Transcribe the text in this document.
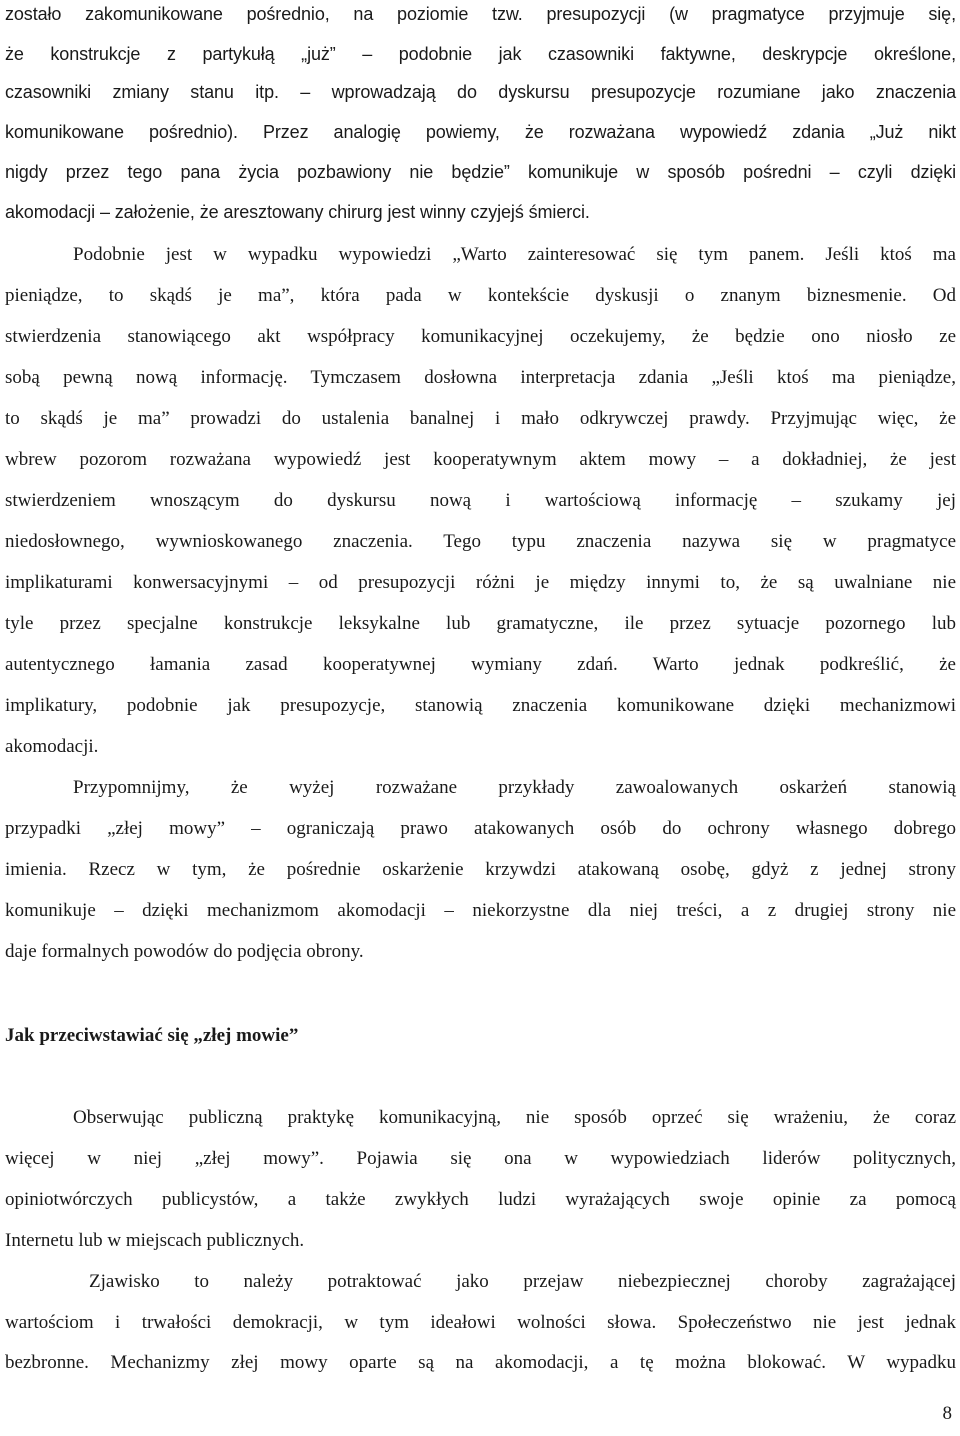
zostało zakomunikowane pośrednio, na poziomie tzw. presupozycji (w pragmatyce przyjmuje się,
że konstrukcje z partykułą „już” – podobnie jak czasowniki faktywne, deskrypcje określone,
czasowniki zmiany stanu itp. – wprowadzają do dyskursu presupozycje rozumiane jako znaczenia
komunikowane pośrednio). Przez analogię powiemy, że rozważana wypowiedź zdania „Już nikt
nigdy przez tego pana życia pozbawiony nie będzie” komunikuje w sposób pośredni – czyli dzięki
akomodacji – założenie, że aresztowany chirurg jest winny czyjejś śmierci.
Podobnie jest w wypadku wypowiedzi „Warto zainteresować się tym panem. Jeśli ktoś ma
pieniądze, to skądś je ma”, która pada w kontekście dyskusji o znanym biznesmenie. Od
stwierdzenia stanowiącego akt współpracy komunikacyjnej oczekujemy, że będzie ono niosło ze
sobą pewną nową informację. Tymczasem dosłowna interpretacja zdania „Jeśli ktoś ma pieniądze,
to skądś je ma” prowadzi do ustalenia banalnej i mało odkrywczej prawdy. Przyjmując więc, że
wbrew pozorom rozważana wypowiedź jest kooperatywnym aktem mowy – a dokładniej, że jest
stwierdzeniem wnoszącym do dyskursu nową i wartościową informację – szukamy jej
niedosłownego, wywnioskowanego znaczenia. Tego typu znaczenia nazywa się w pragmatyce
implikaturami konwersacyjnymi – od presupozycji różni je między innymi to, że są uwalniane nie
tyle przez specjalne konstrukcje leksykalne lub gramatyczne, ile przez sytuacje pozornego lub
autentycznego łamania zasad kooperatywnej wymiany zdań. Warto jednak podkreślić, że
implikatury, podobnie jak presupozycje, stanowią znaczenia komunikowane dzięki mechanizmowi
akomodacji.
Przypomnijmy, że wyżej rozważane przykłady zawoalowanych oskarżeń stanowią
przypadki „złej mowy” – ograniczają prawo atakowanych osób do ochrony własnego dobrego
imienia. Rzecz w tym, że pośrednie oskarżenie krzywdzi atakowaną osobę, gdyż z jednej strony
komunikuje – dzięki mechanizmom akomodacji – niekorzystne dla niej treści, a z drugiej strony nie
daje formalnych powodów do podjęcia obrony.
Jak przeciwstawiać się „złej mowie”
Obserwując publiczną praktykę komunikacyjną, nie sposób oprzeć się wrażeniu, że coraz
więcej w niej „złej mowy”. Pojawia się ona w wypowiedziach liderów politycznych,
opiniotwórczych publicystów, a także zwykłych ludzi wyrażających swoje opinie za pomocą
Internetu lub w miejscach publicznych.
Zjawisko to należy potraktować jako przejaw niebezpiecznej choroby zagrażającej
wartościom i trwałości demokracji, w tym ideałowi wolności słowa. Społeczeństwo nie jest jednak
bezbronne. Mechanizmy złej mowy oparte są na akomodacji, a tę można blokować. W wypadku
8
